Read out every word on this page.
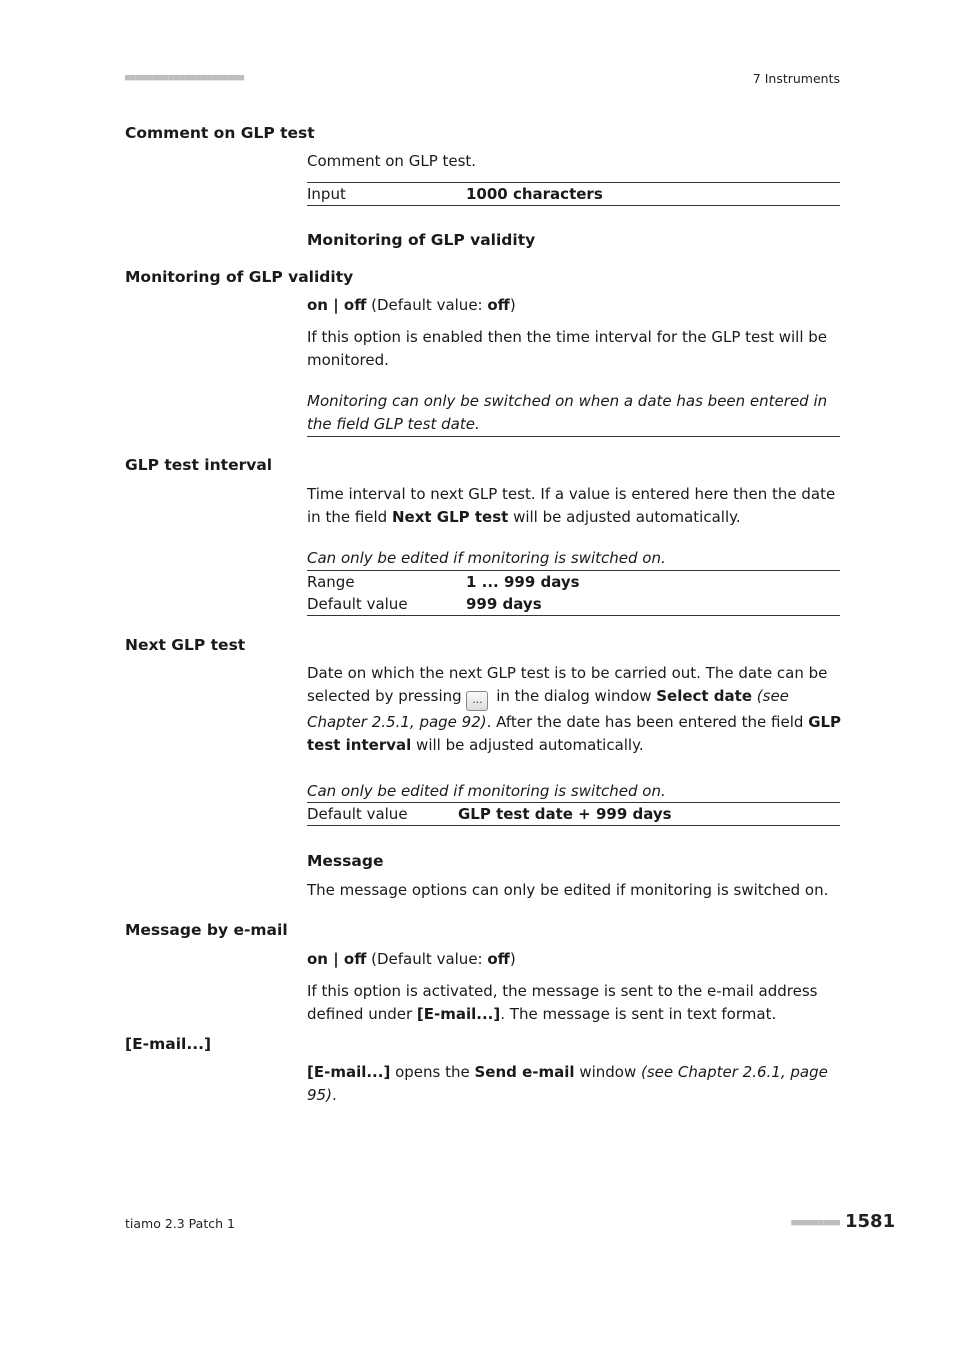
■■■■■■■■■■■■■■■■■■■■■■	7 Instruments
Comment on GLP test
Comment on GLP test.
Input	1000 characters
Monitoring of GLP validity
Monitoring of GLP validity
on | off (Default value: off)
If this option is enabled then the time interval for the GLP test will be monitored.
Monitoring can only be switched on when a date has been entered in the field GLP test date.
GLP test interval
Time interval to next GLP test. If a value is entered here then the date in the field Next GLP test will be adjusted automatically.
Can only be edited if monitoring is switched on.
Range	1 ... 999 days
Default value	999 days
Next GLP test
Date on which the next GLP test is to be carried out. The date can be selected by pressing ... in the dialog window Select date (see Chapter 2.5.1, page 92). After the date has been entered the field GLP test interval will be adjusted automatically.
Can only be edited if monitoring is switched on.
Default value	GLP test date + 999 days
Message
The message options can only be edited if monitoring is switched on.
Message by e-mail
on | off (Default value: off)
If this option is activated, the message is sent to the e-mail address defined under [E-mail...]. The message is sent in text format.
[E-mail...]
[E-mail...] opens the Send e-mail window (see Chapter 2.6.1, page 95).
tiamo 2.3 Patch 1	■■■■■■■■■ 1581
